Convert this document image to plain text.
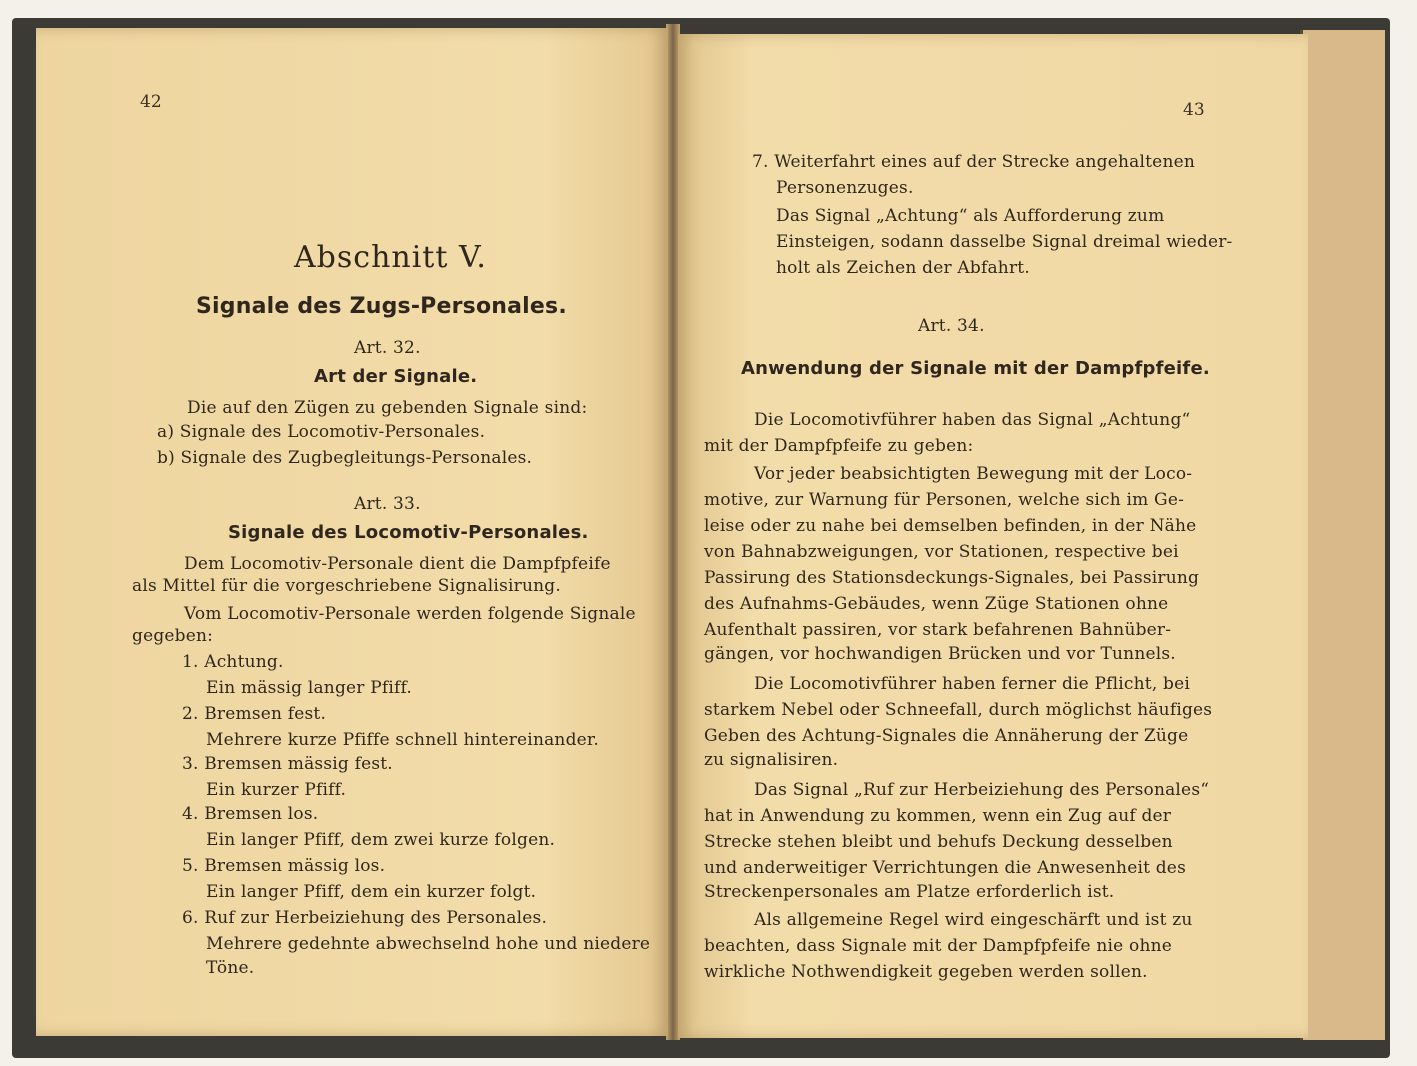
42
Abschnitt V.
Signale des Zugs-Personales.
Art. 32.
Art der Signale.
Die auf den Zügen zu gebenden Signale sind:
a) Signale des Locomotiv-Personales.
b) Signale des Zugbegleitungs-Personales.
Art. 33.
Signale des Locomotiv-Personales.
Dem Locomotiv-Personale dient die Dampfpfeife
als Mittel für die vorgeschriebene Signalisirung.
Vom Locomotiv-Personale werden folgende Signale
gegeben:
1. Achtung.
Ein mässig langer Pfiff.
2. Bremsen fest.
Mehrere kurze Pfiffe schnell hintereinander.
3. Bremsen mässig fest.
Ein kurzer Pfiff.
4. Bremsen los.
Ein langer Pfiff, dem zwei kurze folgen.
5. Bremsen mässig los.
Ein langer Pfiff, dem ein kurzer folgt.
6. Ruf zur Herbeiziehung des Personales.
Mehrere gedehnte abwechselnd hohe und niedere
Töne.
43
7. Weiterfahrt eines auf der Strecke angehaltenen
Personenzuges.
Das Signal „Achtung“ als Aufforderung zum
Einsteigen, sodann dasselbe Signal dreimal wieder-
holt als Zeichen der Abfahrt.
Art. 34.
Anwendung der Signale mit der Dampfpfeife.
Die Locomotivführer haben das Signal „Achtung“
mit der Dampfpfeife zu geben:
Vor jeder beabsichtigten Bewegung mit der Loco-
motive, zur Warnung für Personen, welche sich im Ge-
leise oder zu nahe bei demselben befinden, in der Nähe
von Bahnabzweigungen, vor Stationen, respective bei
Passirung des Stationsdeckungs-Signales, bei Passirung
des Aufnahms-Gebäudes, wenn Züge Stationen ohne
Aufenthalt passiren, vor stark befahrenen Bahnüber-
gängen, vor hochwandigen Brücken und vor Tunnels.
Die Locomotivführer haben ferner die Pflicht, bei
starkem Nebel oder Schneefall, durch möglichst häufiges
Geben des Achtung-Signales die Annäherung der Züge
zu signalisiren.
Das Signal „Ruf zur Herbeiziehung des Personales“
hat in Anwendung zu kommen, wenn ein Zug auf der
Strecke stehen bleibt und behufs Deckung desselben
und anderweitiger Verrichtungen die Anwesenheit des
Streckenpersonales am Platze erforderlich ist.
Als allgemeine Regel wird eingeschärft und ist zu
beachten, dass Signale mit der Dampfpfeife nie ohne
wirkliche Nothwendigkeit gegeben werden sollen.
